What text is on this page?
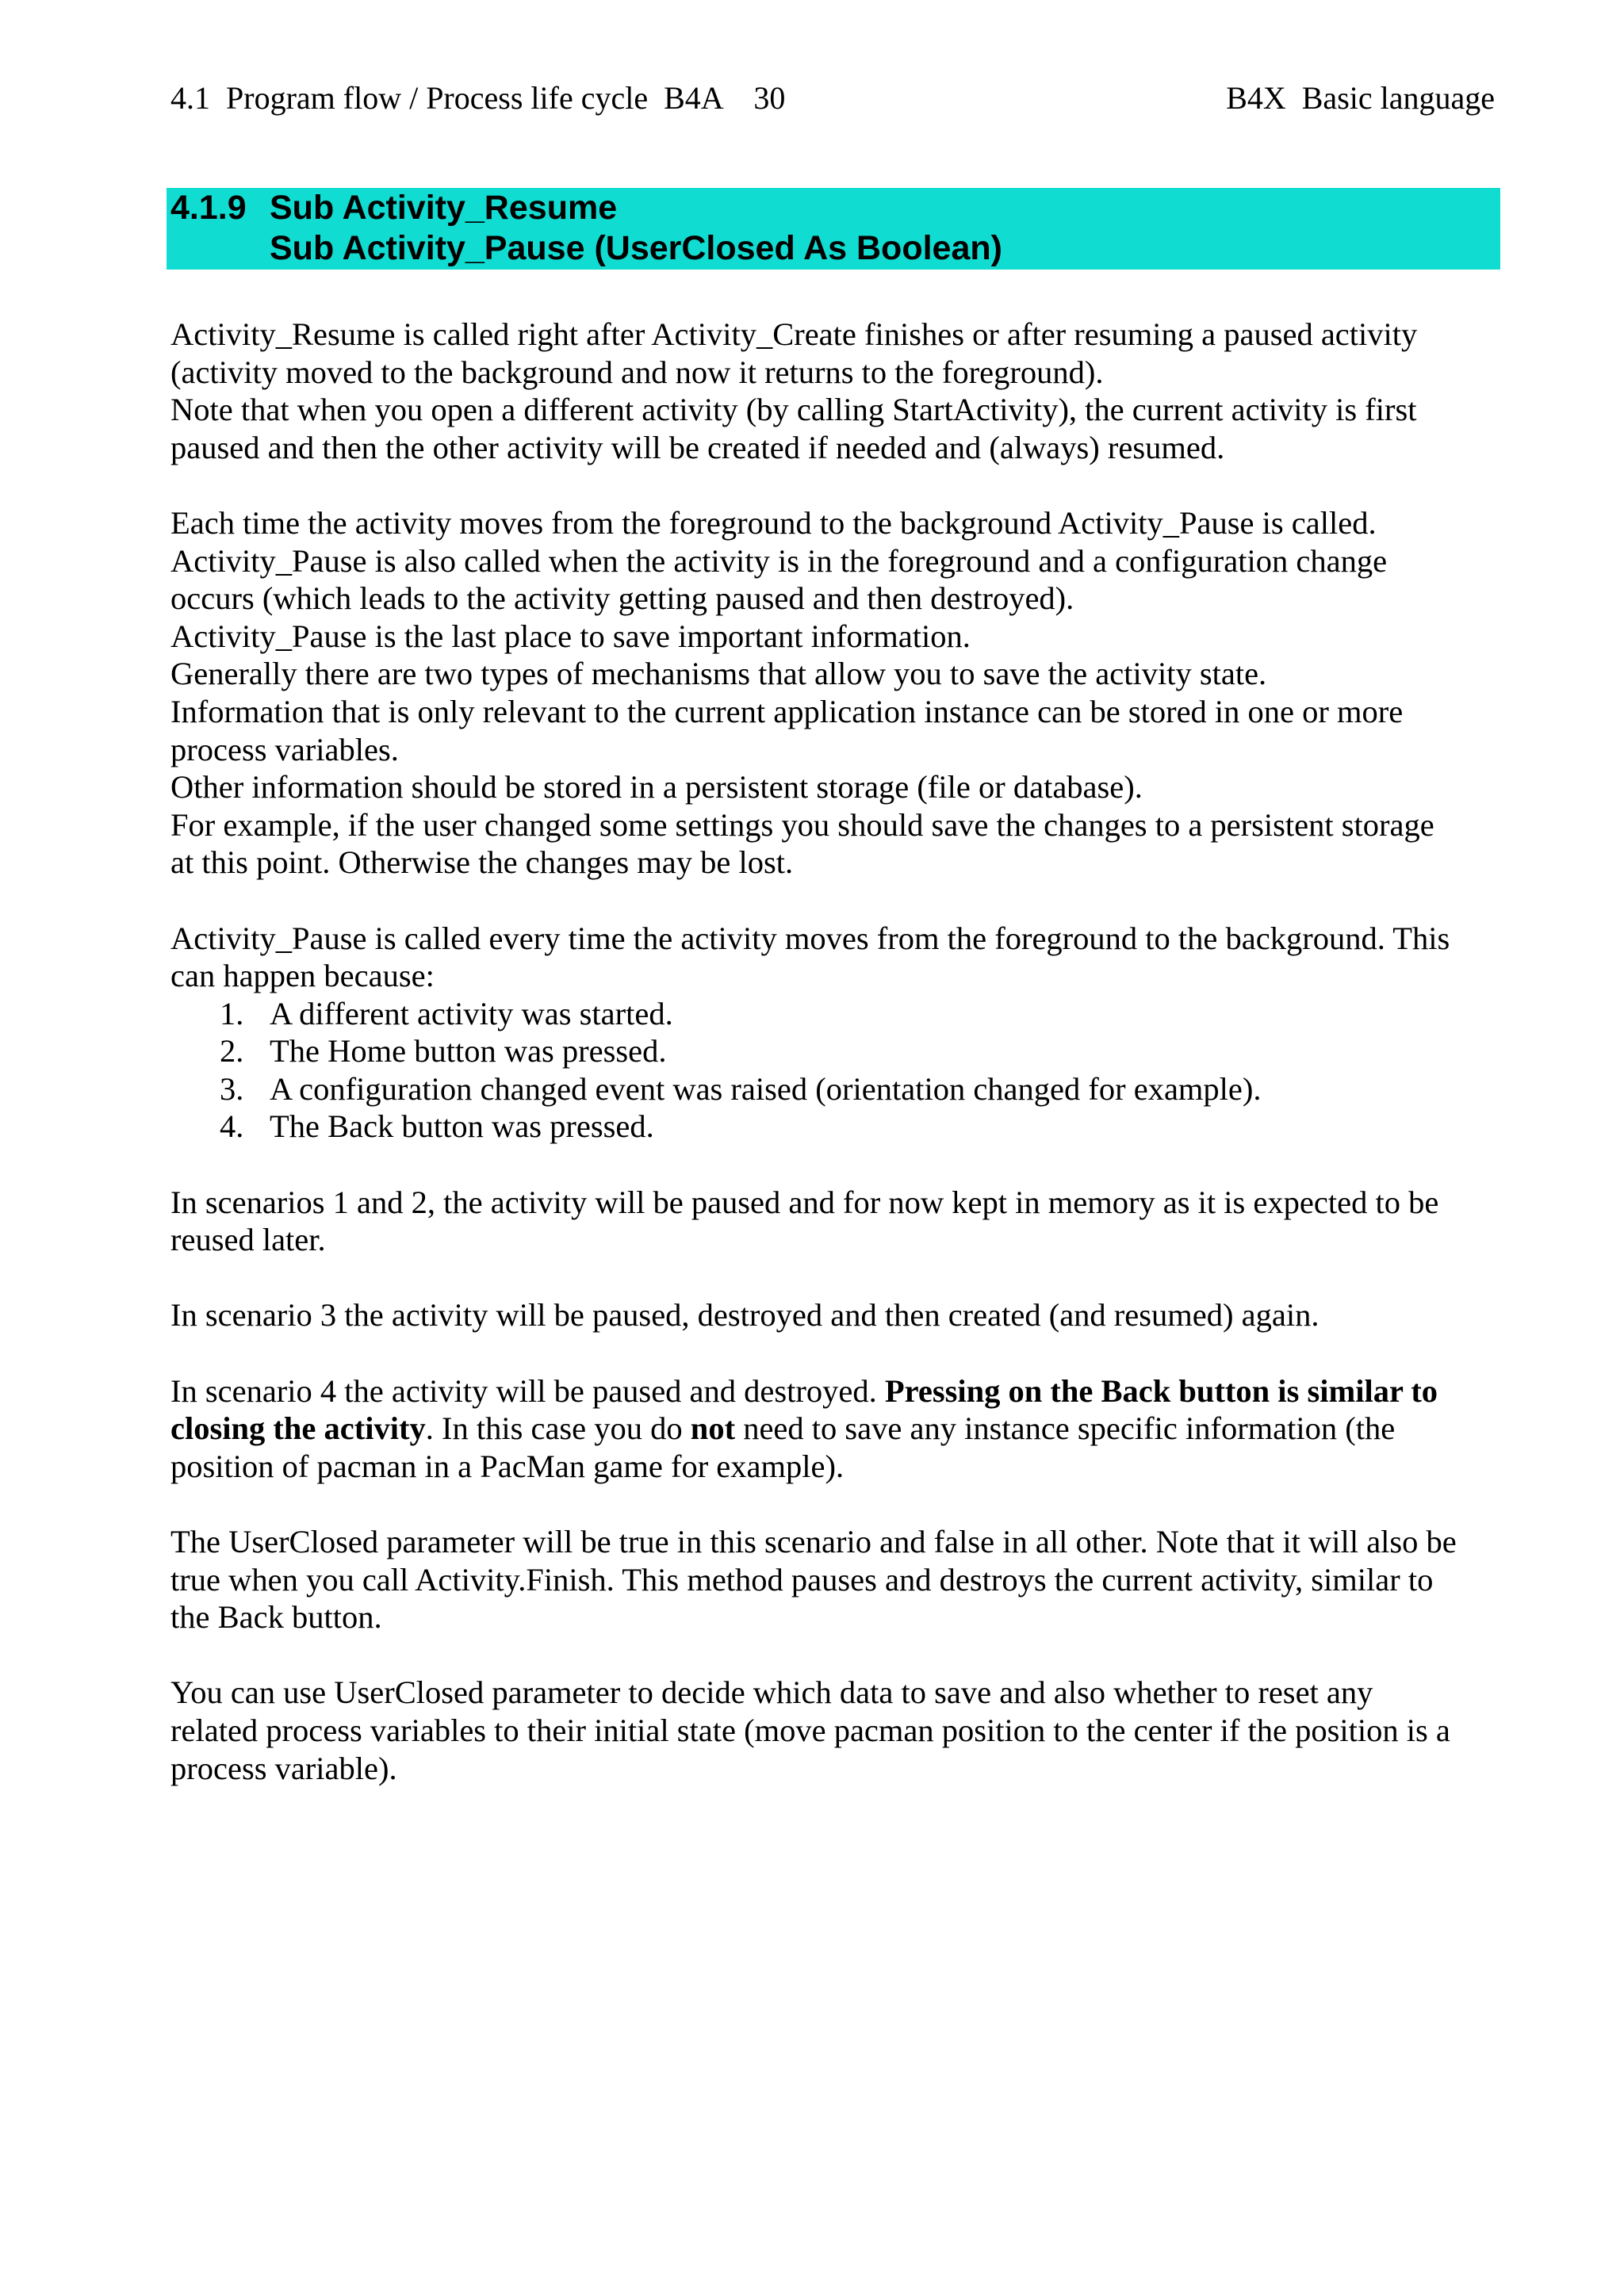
4.1  Program flow / Process life cycle  B4A    30	B4X  Basic language
4.1.9 Sub Activity_Resume
Sub Activity_Pause (UserClosed As Boolean)

Activity_Resume is called right after Activity_Create finishes or after resuming a paused activity
(activity moved to the background and now it returns to the foreground).
Note that when you open a different activity (by calling StartActivity), the current activity is first
paused and then the other activity will be created if needed and (always) resumed.

Each time the activity moves from the foreground to the background Activity_Pause is called.
Activity_Pause is also called when the activity is in the foreground and a configuration change
occurs (which leads to the activity getting paused and then destroyed).
Activity_Pause is the last place to save important information.
Generally there are two types of mechanisms that allow you to save the activity state.
Information that is only relevant to the current application instance can be stored in one or more
process variables.
Other information should be stored in a persistent storage (file or database).
For example, if the user changed some settings you should save the changes to a persistent storage
at this point. Otherwise the changes may be lost.

Activity_Pause is called every time the activity moves from the foreground to the background. This
can happen because:

1. A different activity was started.
2. The Home button was pressed.
3. A configuration changed event was raised (orientation changed for example).
4. The Back button was pressed.

In scenarios 1 and 2, the activity will be paused and for now kept in memory as it is expected to be
reused later.

In scenario 3 the activity will be paused, destroyed and then created (and resumed) again.

In scenario 4 the activity will be paused and destroyed. Pressing on the Back button is similar to
closing the activity. In this case you do not need to save any instance specific information (the
position of pacman in a PacMan game for example).

The UserClosed parameter will be true in this scenario and false in all other. Note that it will also be
true when you call Activity.Finish. This method pauses and destroys the current activity, similar to
the Back button.

You can use UserClosed parameter to decide which data to save and also whether to reset any
related process variables to their initial state (move pacman position to the center if the position is a
process variable).
